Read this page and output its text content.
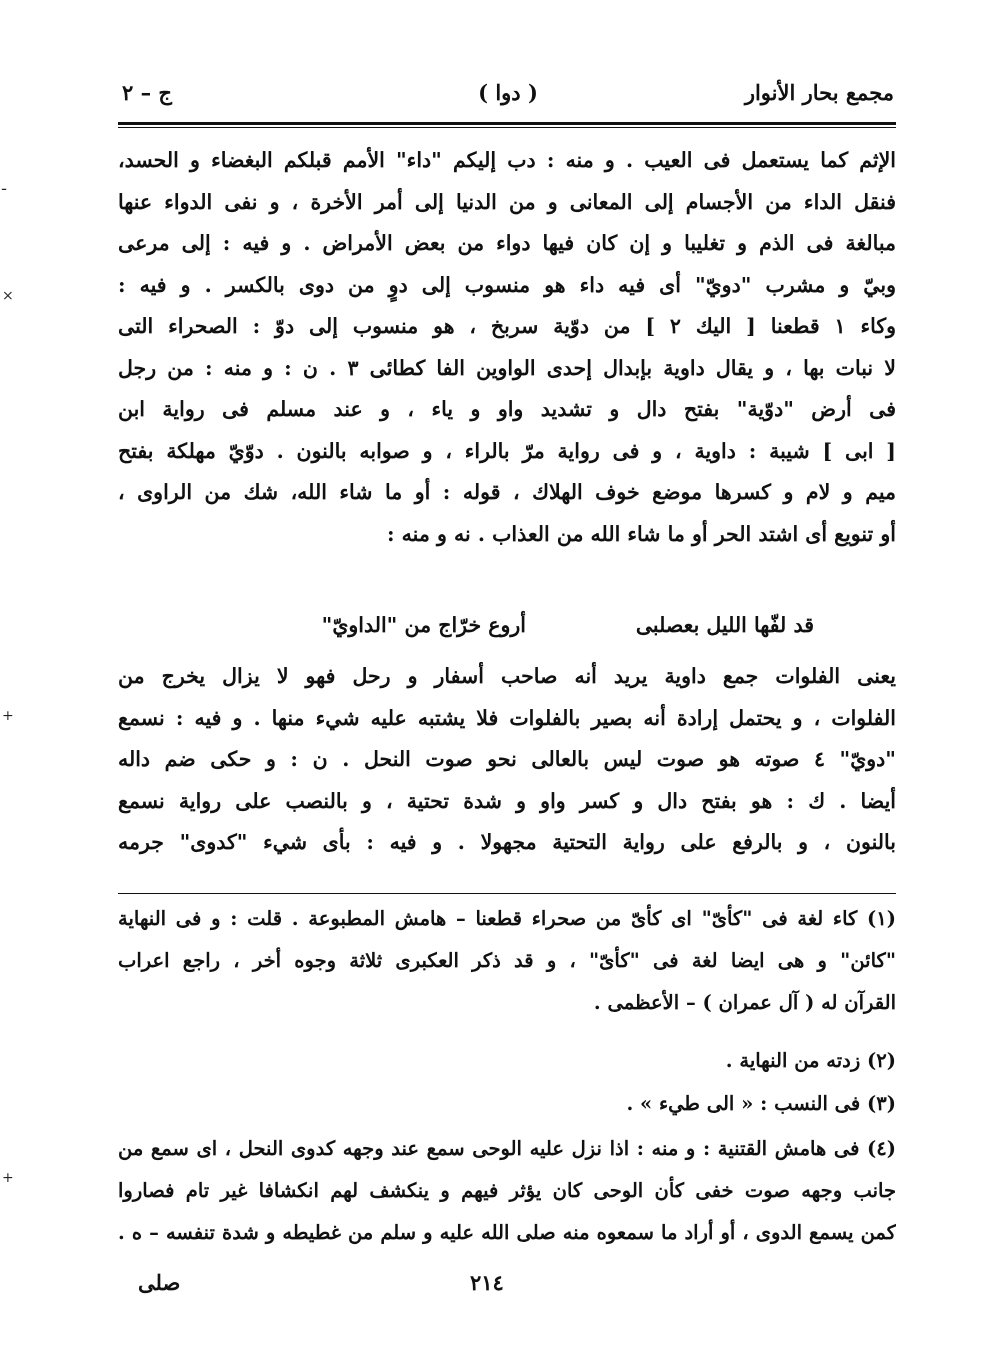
مجمع بحار الأنوار
( دوا )
ج – ٢
الإثم كما يستعمل فى العيب . و منه : دب إليكم "داء" الأمم قبلكم البغضاء و الحسد،
فنقل الداء من الأجسام إلى المعانى و من الدنيا إلى أمر الأخرة ، و نفى الدواء عنها
مبالغة فى الذم و تغليبا و إن كان فيها دواء من بعض الأمراض . و فيه : إلى مرعى
وبيّ و مشرب "دويّ" أى فيه داء هو منسوب إلى دوٍ من دوى بالكسر . و فيه :
وكاء ١ قطعنا [ اليك ٢ ] من دوّية سربخ ، هو منسوب إلى دوّ : الصحراء التى
لا نبات بها ، و يقال داوية بإبدال إحدى الواوين الفا كطائى ٣ . ن : و منه : من رجل
فى أرض "دوّية" بفتح دال و تشديد واو و ياء ، و عند مسلم فى رواية ابن
[ ابى ] شيبة : داوية ، و فى رواية مرّ بالراء ، و صوابه بالنون . دوّيّ مهلكة بفتح
ميم و لام و كسرها موضع خوف الهلاك ، قوله : أو ما شاء الله، شك من الراوى ،
أو تنويع أى اشتد الحر أو ما شاء الله من العذاب . نه و منه :
قد لفّها الليل بعصلبى
أروع خرّاج من "الداويّ"
يعنى الفلوات جمع داوية يريد أنه صاحب أسفار و رحل فهو لا يزال يخرج من
الفلوات ، و يحتمل إرادة أنه بصير بالفلوات فلا يشتبه عليه شيء منها . و فيه : نسمع
"دويّ" ٤ صوته هو صوت ليس بالعالى نحو صوت النحل . ن : و حكى ضم داله
أيضا . ك : هو بفتح دال و كسر واو و شدة تحتية ، و بالنصب على رواية نسمع
بالنون ، و بالرفع على رواية التحتية مجهولا . و فيه : بأى شيء "كدوى" جرمه
(١) كاء لغة فى "كأىّ" اى كأىّ من صحراء قطعنا – هامش المطبوعة . قلت : و فى النهاية
"كائن" و هى ايضا لغة فى "كأىّ" ، و قد ذكر العكبرى ثلاثة وجوه أخر ، راجع اعراب
القرآن له ( آل عمران ) – الأعظمى .
(٢) زدته من النهاية .
(٣) فى النسب : « الى طيء » .
(٤) فى هامش القتنية : و منه : اذا نزل عليه الوحى سمع عند وجهه كدوى النحل ، اى سمع من
جانب وجهه صوت خفى كأن الوحى كان يؤثر فيهم و ينكشف لهم انكشافا غير تام فصاروا
كمن يسمع الدوى ، أو أراد ما سمعوه منه صلى الله عليه و سلم من غطيطه و شدة تنفسه – ه .
٢١٤
صلى
ـ
×
+
+
